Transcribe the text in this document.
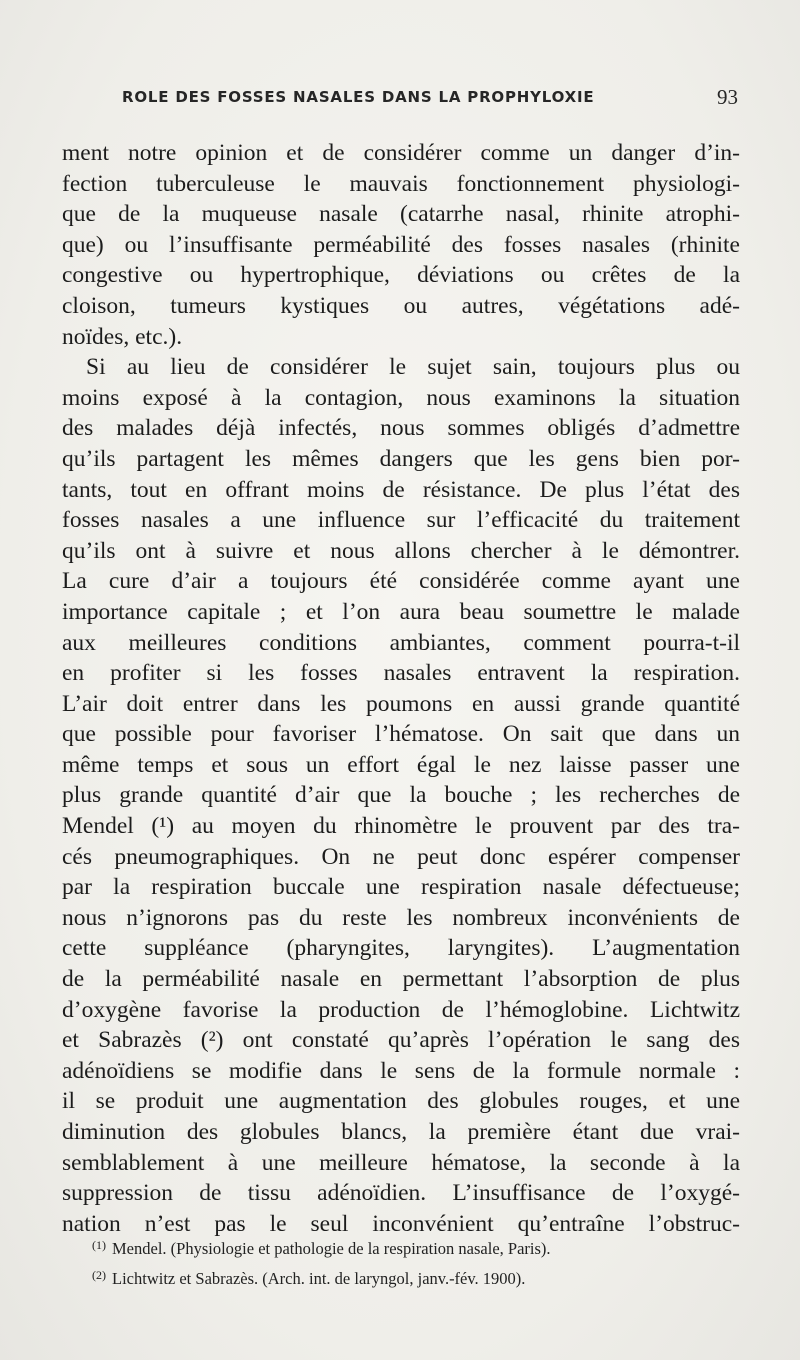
ROLE DES FOSSES NASALES DANS LA PROPHYLOXIE	93
ment notre opinion et de considérer comme un danger d’in-
fection tuberculeuse le mauvais fonctionnement physiologi-
que de la muqueuse nasale (catarrhe nasal, rhinite atrophi-
que) ou l’insuffisante perméabilité des fosses nasales (rhinite
congestive ou hypertrophique, déviations ou crêtes de la
cloison, tumeurs kystiques ou autres, végétations adé-
noïdes, etc.).
Si au lieu de considérer le sujet sain, toujours plus ou
moins exposé à la contagion, nous examinons la situation
des malades déjà infectés, nous sommes obligés d’admettre
qu’ils partagent les mêmes dangers que les gens bien por-
tants, tout en offrant moins de résistance. De plus l’état des
fosses nasales a une influence sur l’efficacité du traitement
qu’ils ont à suivre et nous allons chercher à le démontrer.
La cure d’air a toujours été considérée comme ayant une
importance capitale ; et l’on aura beau soumettre le malade
aux meilleures conditions ambiantes, comment pourra-t-il
en profiter si les fosses nasales entravent la respiration.
L’air doit entrer dans les poumons en aussi grande quantité
que possible pour favoriser l’hématose. On sait que dans un
même temps et sous un effort égal le nez laisse passer une
plus grande quantité d’air que la bouche ; les recherches de
Mendel (¹) au moyen du rhinomètre le prouvent par des tra-
cés pneumographiques. On ne peut donc espérer compenser
par la respiration buccale une respiration nasale défectueuse;
nous n’ignorons pas du reste les nombreux inconvénients de
cette suppléance (pharyngites, laryngites). L’augmentation
de la perméabilité nasale en permettant l’absorption de plus
d’oxygène favorise la production de l’hémoglobine. Lichtwitz
et Sabrazès (²) ont constaté qu’après l’opération le sang des
adénoïdiens se modifie dans le sens de la formule normale :
il se produit une augmentation des globules rouges, et une
diminution des globules blancs, la première étant due vrai-
semblablement à une meilleure hématose, la seconde à la
suppression de tissu adénoïdien. L’insuffisance de l’oxygé-
nation n’est pas le seul inconvénient qu’entraîne l’obstruc-
$^{(1)}$ Mendel. (Physiologie et pathologie de la respiration nasale, Paris).
$^{(2)}$ Lichtwitz et Sabrazès. (Arch. int. de laryngol, janv.-fév. 1900).
